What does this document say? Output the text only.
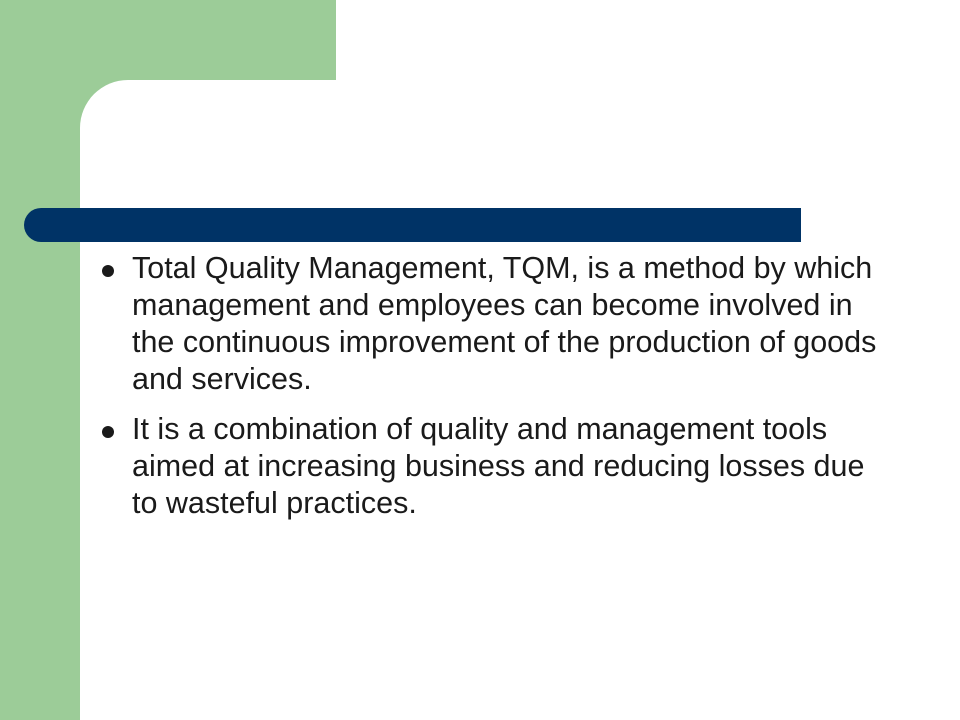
Total Quality Management, TQM, is a method by which management and employees can become involved in the continuous improvement of the production of goods and services.
It is a combination of quality and management tools aimed at increasing business and reducing losses due to wasteful practices.
